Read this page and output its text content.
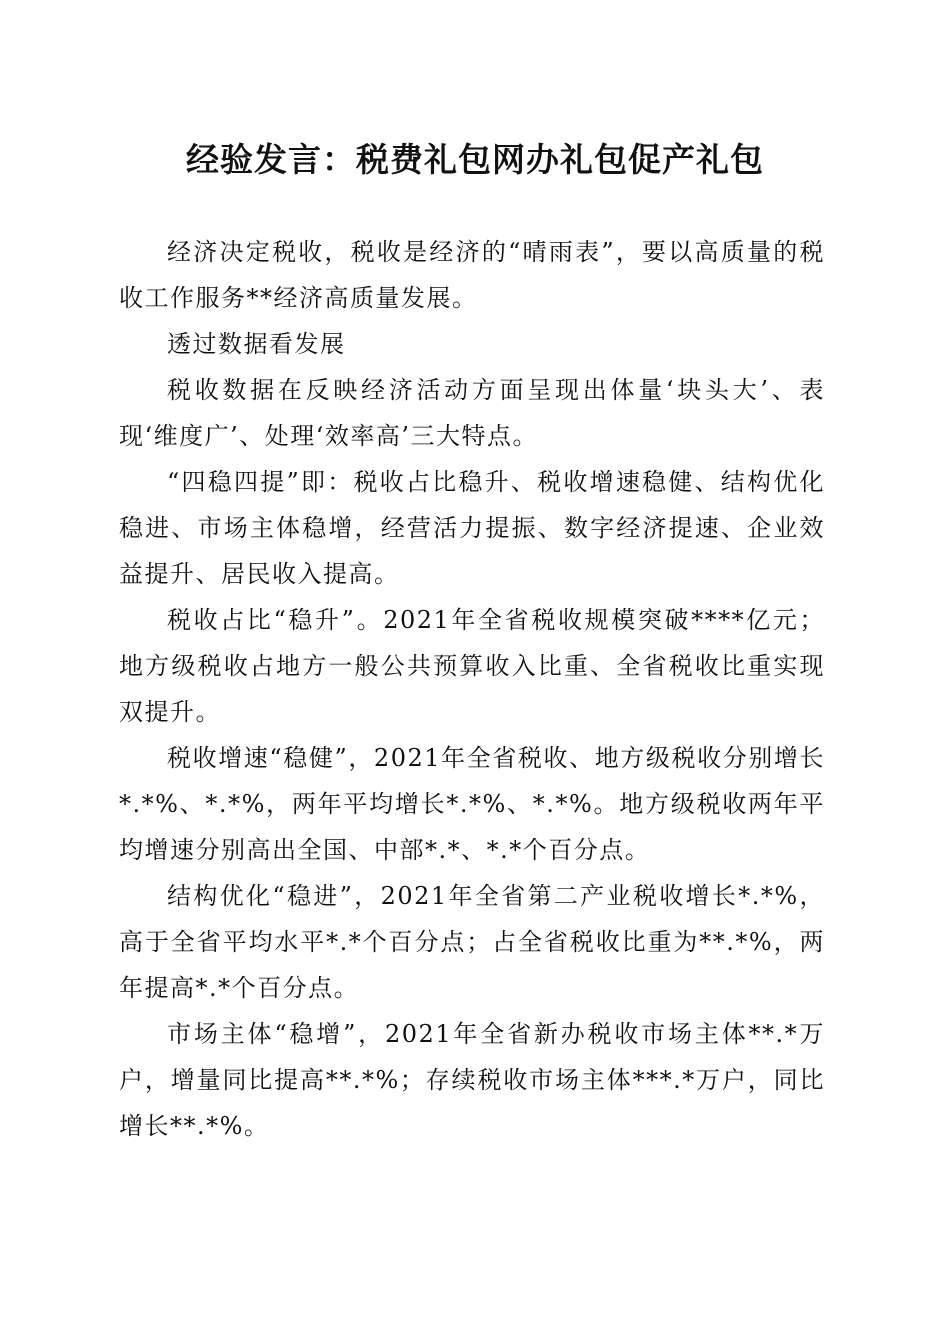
经验发言：税费礼包网办礼包促产礼包

经济决定税收，税收是经济的“晴雨表”，要以高质量的税收工作服务**经济高质量发展。

透过数据看发展

税收数据在反映经济活动方面呈现出体量‘块头大’、表现‘维度广’、处理‘效率高’三大特点。

“四稳四提”即：税收占比稳升、税收增速稳健、结构优化稳进、市场主体稳增，经营活力提振、数字经济提速、企业效益提升、居民收入提高。

税收占比“稳升”。2021年全省税收规模突破****亿元；地方级税收占地方一般公共预算收入比重、全省税收比重实现双提升。

税收增速“稳健”，2021年全省税收、地方级税收分别增长*.*%、*.*%，两年平均增长*.*%、*.*%。地方级税收两年平均增速分别高出全国、中部*.*、*.*个百分点。

结构优化“稳进”，2021年全省第二产业税收增长*.*%，高于全省平均水平*.*个百分点；占全省税收比重为**.*%，两年提高*.*个百分点。

市场主体“稳增”，2021年全省新办税收市场主体**.*万户，增量同比提高**.*%；存续税收市场主体***.*万户，同比增长**.*%。
